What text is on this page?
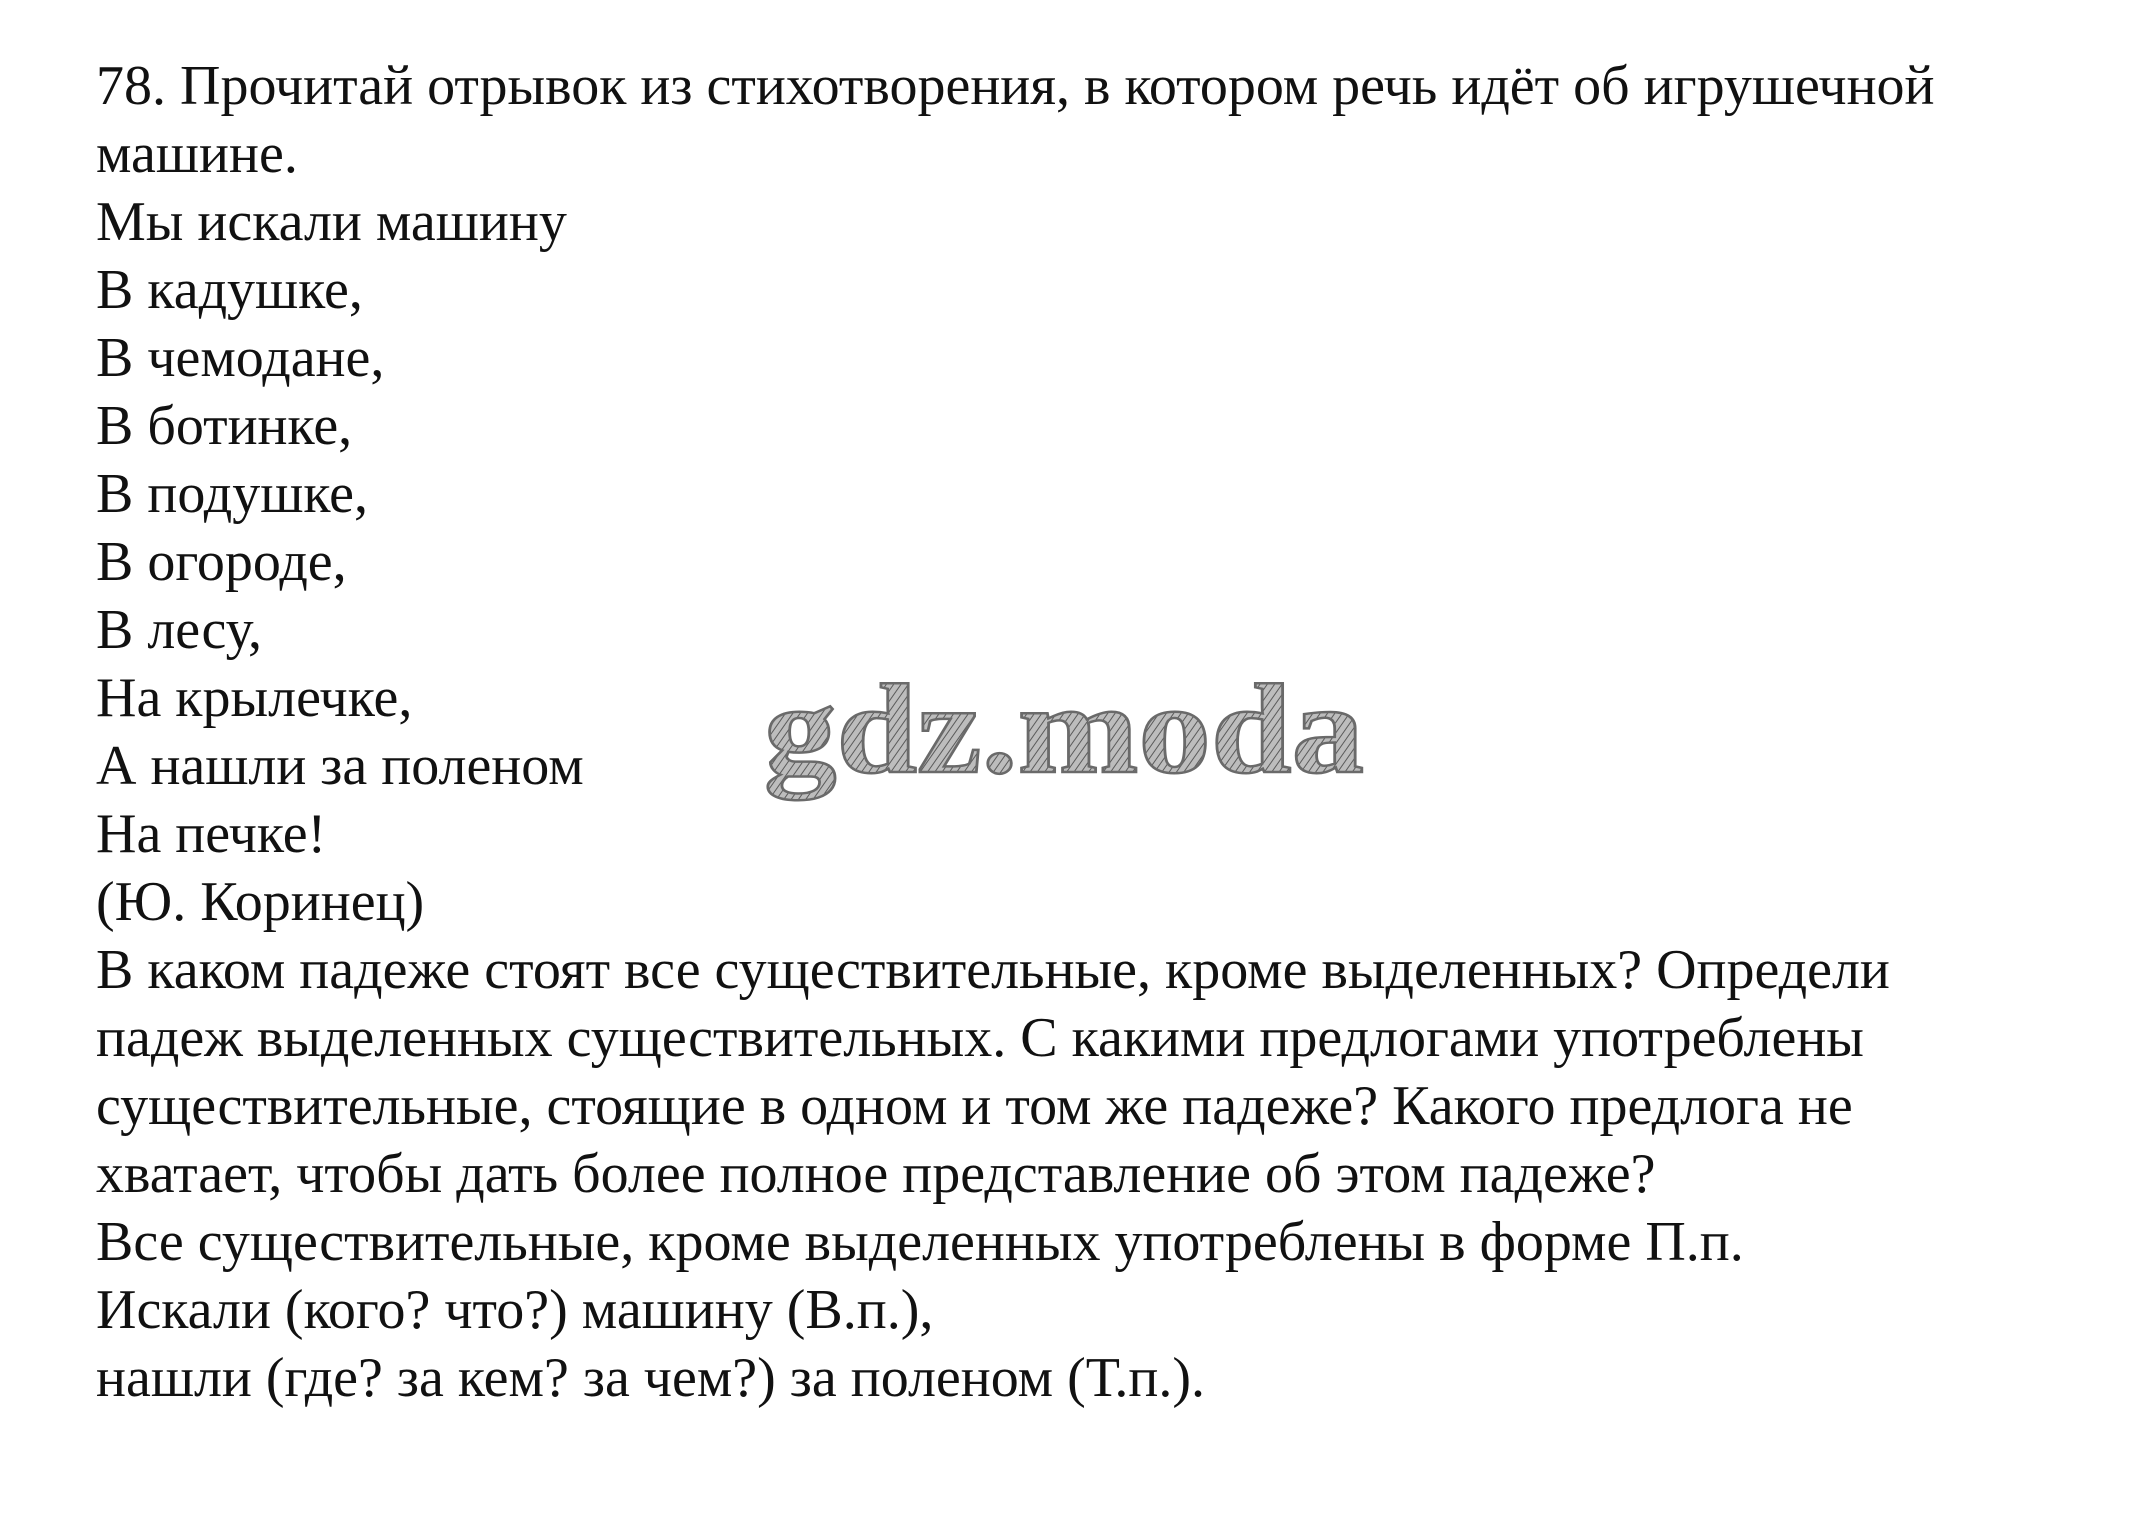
78. Прочитай отрывок из стихотворения, в котором речь идёт об игрушечной
машине.
Мы искали машину
В кадушке,
В чемодане,
В ботинке,
В подушке,
В огороде,
В лесу,
На крылечке,
А нашли за поленом
На печке!
(Ю. Коринец)
В каком падеже стоят все существительные, кроме выделенных? Определи
падеж выделенных существительных. С какими предлогами употреблены
существительные, стоящие в одном и том же падеже? Какого предлога не
хватает, чтобы дать более полное представление об этом падеже?
Все существительные, кроме выделенных употреблены в форме П.п.
Искали (кого? что?) машину (В.п.),
нашли (где? за кем? за чем?) за поленом (Т.п.).
gdz.moda
